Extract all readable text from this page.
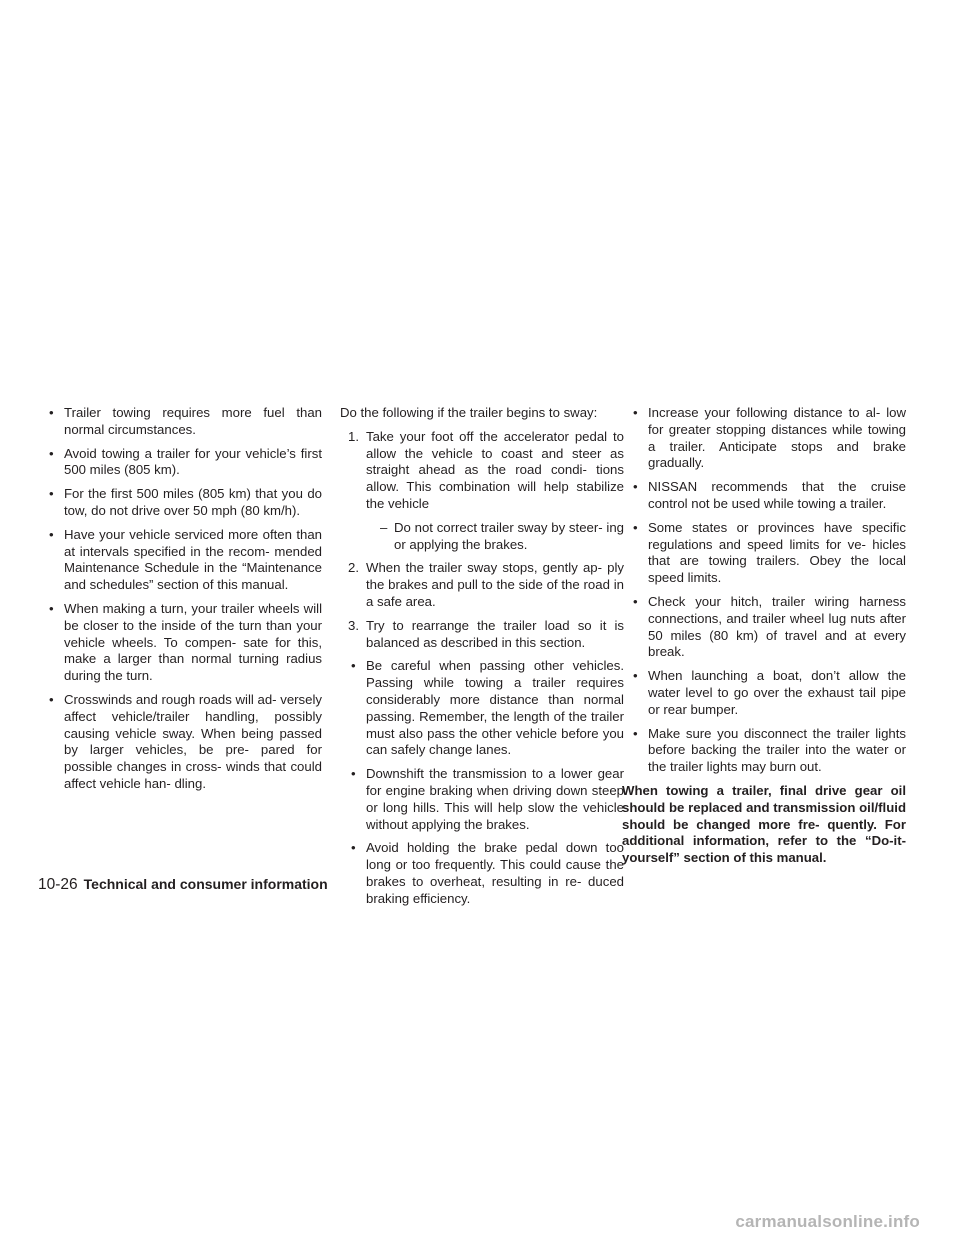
• Trailer towing requires more fuel than normal circumstances.
• Avoid towing a trailer for your vehicle’s first 500 miles (805 km).
• For the first 500 miles (805 km) that you do tow, do not drive over 50 mph (80 km/h).
• Have your vehicle serviced more often than at intervals specified in the recom- mended Maintenance Schedule in the “Maintenance and schedules” section of this manual.
• When making a turn, your trailer wheels will be closer to the inside of the turn than your vehicle wheels. To compen- sate for this, make a larger than normal turning radius during the turn.
• Crosswinds and rough roads will ad- versely affect vehicle/trailer handling, possibly causing vehicle sway. When being passed by larger vehicles, be pre- pared for possible changes in cross- winds that could affect vehicle han- dling.

Do the following if the trailer begins to sway:

1. Take your foot off the accelerator pedal to allow the vehicle to coast and steer as straight ahead as the road condi- tions allow. This combination will help stabilize the vehicle
– Do not correct trailer sway by steer- ing or applying the brakes.
2. When the trailer sway stops, gently ap- ply the brakes and pull to the side of the road in a safe area.
3. Try to rearrange the trailer load so it is balanced as described in this section.
• Be careful when passing other vehicles. Passing while towing a trailer requires considerably more distance than normal passing. Remember, the length of the trailer must also pass the other vehicle before you can safely change lanes.
• Downshift the transmission to a lower gear for engine braking when driving down steep or long hills. This will help slow the vehicle without applying the brakes.
• Avoid holding the brake pedal down too long or too frequently. This could cause the brakes to overheat, resulting in re- duced braking efficiency.
• Increase your following distance to al- low for greater stopping distances while towing a trailer. Anticipate stops and brake gradually.
• NISSAN recommends that the cruise control not be used while towing a trailer.
• Some states or provinces have specific regulations and speed limits for ve- hicles that are towing trailers. Obey the local speed limits.
• Check your hitch, trailer wiring harness connections, and trailer wheel lug nuts after 50 miles (80 km) of travel and at every break.
• When launching a boat, don’t allow the water level to go over the exhaust tail pipe or rear bumper.
• Make sure you disconnect the trailer lights before backing the trailer into the water or the trailer lights may burn out.

When towing a trailer, final drive gear oil should be replaced and transmission oil/fluid should be changed more fre- quently. For additional information, refer to the “Do-it-yourself” section of this manual.

10-26 Technical and consumer information
carmanualsonline.info
